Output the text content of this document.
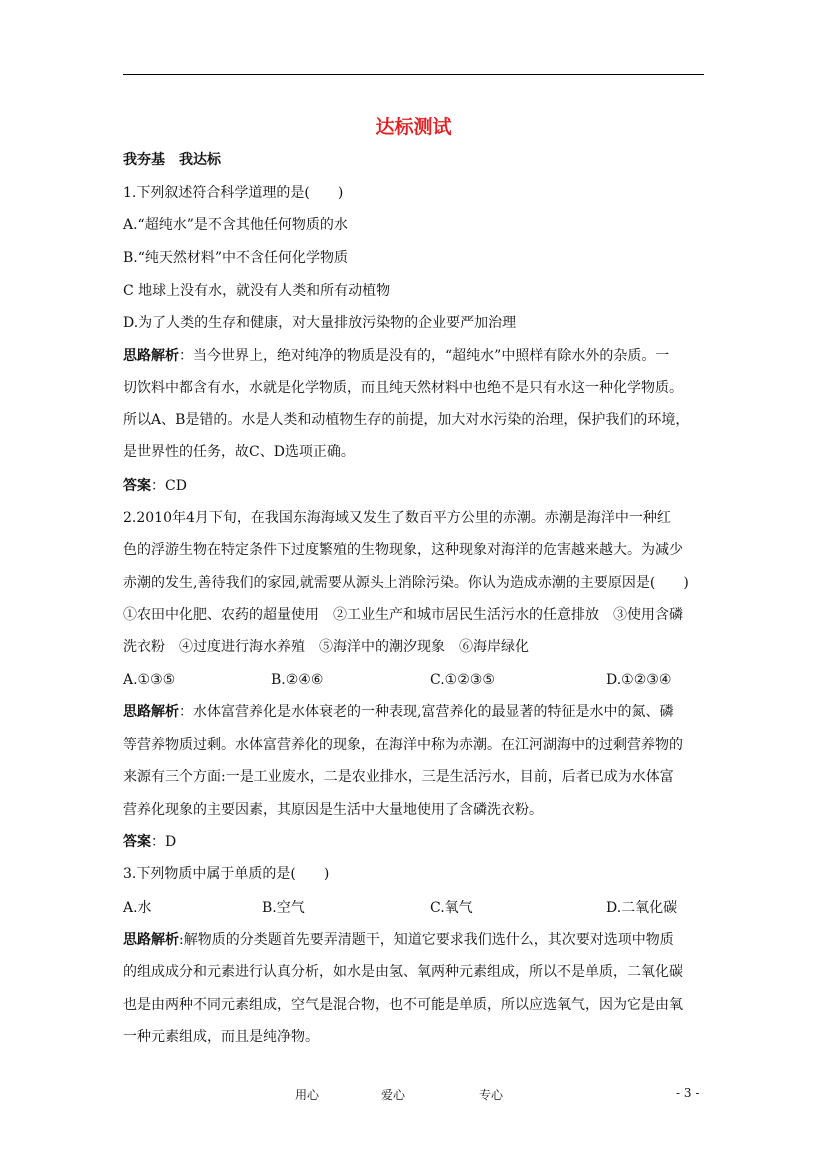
达标测试
我夯基　我达标
1.下列叙述符合科学道理的是(　　)
A.“超纯水”是不含其他任何物质的水
B.“纯天然材料”中不含任何化学物质
C 地球上没有水，就没有人类和所有动植物
D.为了人类的生存和健康，对大量排放污染物的企业要严加治理
思路解析：当今世界上，绝对纯净的物质是没有的，“超纯水”中照样有除水外的杂质。一
切饮料中都含有水，水就是化学物质，而且纯天然材料中也绝不是只有水这一种化学物质。
所以A、B是错的。水是人类和动植物生存的前提，加大对水污染的治理，保护我们的环境，
是世界性的任务，故C、D选项正确。
答案：CD
2.2010年4月下旬，在我国东海海域又发生了数百平方公里的赤潮。赤潮是海洋中一种红
色的浮游生物在特定条件下过度繁殖的生物现象，这种现象对海洋的危害越来越大。为减少
赤潮的发生,善待我们的家园,就需要从源头上消除污染。你认为造成赤潮的主要原因是(　　)
①农田中化肥、农药的超量使用　②工业生产和城市居民生活污水的任意排放　③使用含磷
洗衣粉　④过度进行海水养殖　⑤海洋中的潮汐现象　⑥海岸绿化
A.①③⑤	B.②④⑥	C.①②③⑤	D.①②③④
思路解析：水体富营养化是水体衰老的一种表现,富营养化的最显著的特征是水中的氮、磷
等营养物质过剩。水体富营养化的现象，在海洋中称为赤潮。在江河湖海中的过剩营养物的
来源有三个方面:一是工业废水，二是农业排水，三是生活污水，目前，后者已成为水体富
营养化现象的主要因素，其原因是生活中大量地使用了含磷洗衣粉。
答案：D
3.下列物质中属于单质的是(　　)
A.水	B.空气	C.氧气	D.二氧化碳
思路解析:解物质的分类题首先要弄清题干，知道它要求我们选什么，其次要对选项中物质
的组成成分和元素进行认真分析，如水是由氢、氧两种元素组成，所以不是单质，二氧化碳
也是由两种不同元素组成，空气是混合物，也不可能是单质，所以应选氧气，因为它是由氧
一种元素组成，而且是纯净物。
用心	爱心	专心	- 3 -
